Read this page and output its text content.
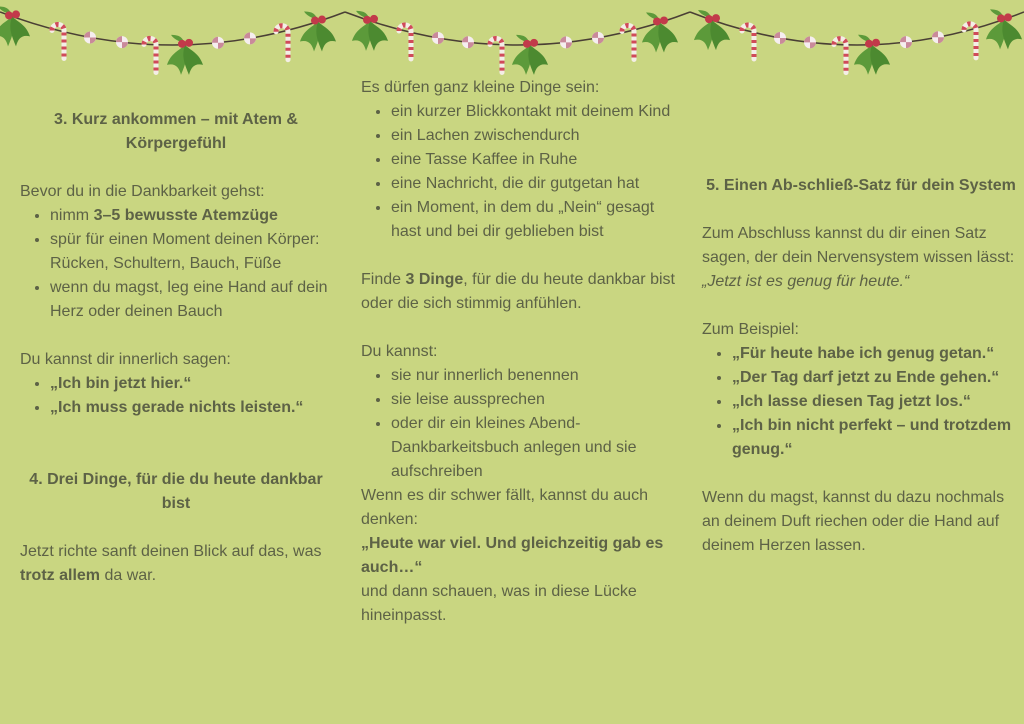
3. Kurz ankommen – mit Atem & Körpergefühl

Bevor du in die Dankbarkeit gehst:

• nimm 3–5 bewusste Atemzüge
• spür für einen Moment deinen Körper: Rücken, Schultern, Bauch, Füße
• wenn du magst, leg eine Hand auf dein Herz oder deinen Bauch

Du kannst dir innerlich sagen:

• „Ich bin jetzt hier.“
• „Ich muss gerade nichts leisten.“
4. Drei Dinge, für die du heute dankbar bist

Jetzt richte sanft deinen Blick auf das, was trotz allem da war.

Es dürfen ganz kleine Dinge sein:

• ein kurzer Blickkontakt mit deinem Kind
• ein Lachen zwischendurch
• eine Tasse Kaffee in Ruhe
• eine Nachricht, die dir gutgetan hat
• ein Moment, in dem du „Nein“ gesagt hast und bei dir geblieben bist

Finde 3 Dinge, für die du heute dankbar bist oder die sich stimmig anfühlen.

Du kannst:

• sie nur innerlich benennen
• sie leise aussprechen
• oder dir ein kleines Abend-Dankbarkeitsbuch anlegen und sie aufschreiben

Wenn es dir schwer fällt, kannst du auch denken:

„Heute war viel. Und gleichzeitig gab es auch…“

und dann schauen, was in diese Lücke hineinpasst.

5. Einen Ab-schließ-Satz für dein System

Zum Abschluss kannst du dir einen Satz sagen, der dein Nervensystem wissen lässt:

„Jetzt ist es genug für heute.“

Zum Beispiel:

• „Für heute habe ich genug getan.“
• „Der Tag darf jetzt zu Ende gehen.“
• „Ich lasse diesen Tag jetzt los.“
• „Ich bin nicht perfekt – und trotzdem genug.“

Wenn du magst, kannst du dazu nochmals an deinem Duft riechen oder die Hand auf deinem Herzen lassen.
